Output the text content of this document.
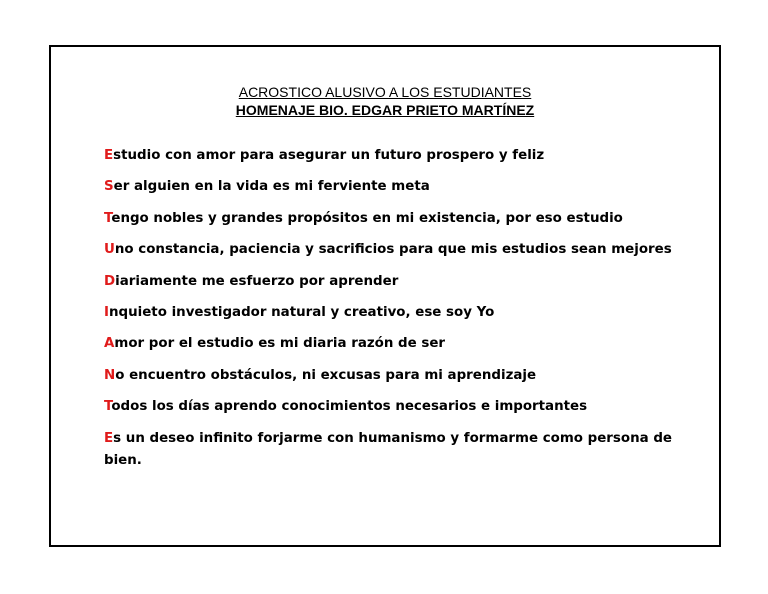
ACROSTICO ALUSIVO A LOS ESTUDIANTES
HOMENAJE BIO. EDGAR PRIETO MARTÍNEZ
Estudio con amor para asegurar un futuro prospero y feliz
Ser alguien en la vida es mi ferviente meta
Tengo nobles y grandes propósitos en mi existencia, por eso estudio
Uno constancia, paciencia y sacrificios para que mis estudios sean mejores
Diariamente me esfuerzo por aprender
Inquieto investigador natural y creativo, ese soy Yo
Amor por el estudio es mi diaria razón de ser
No encuentro obstáculos, ni excusas para mi aprendizaje
Todos los días aprendo conocimientos necesarios e importantes
Es un deseo infinito forjarme con humanismo y formarme como persona de bien.
